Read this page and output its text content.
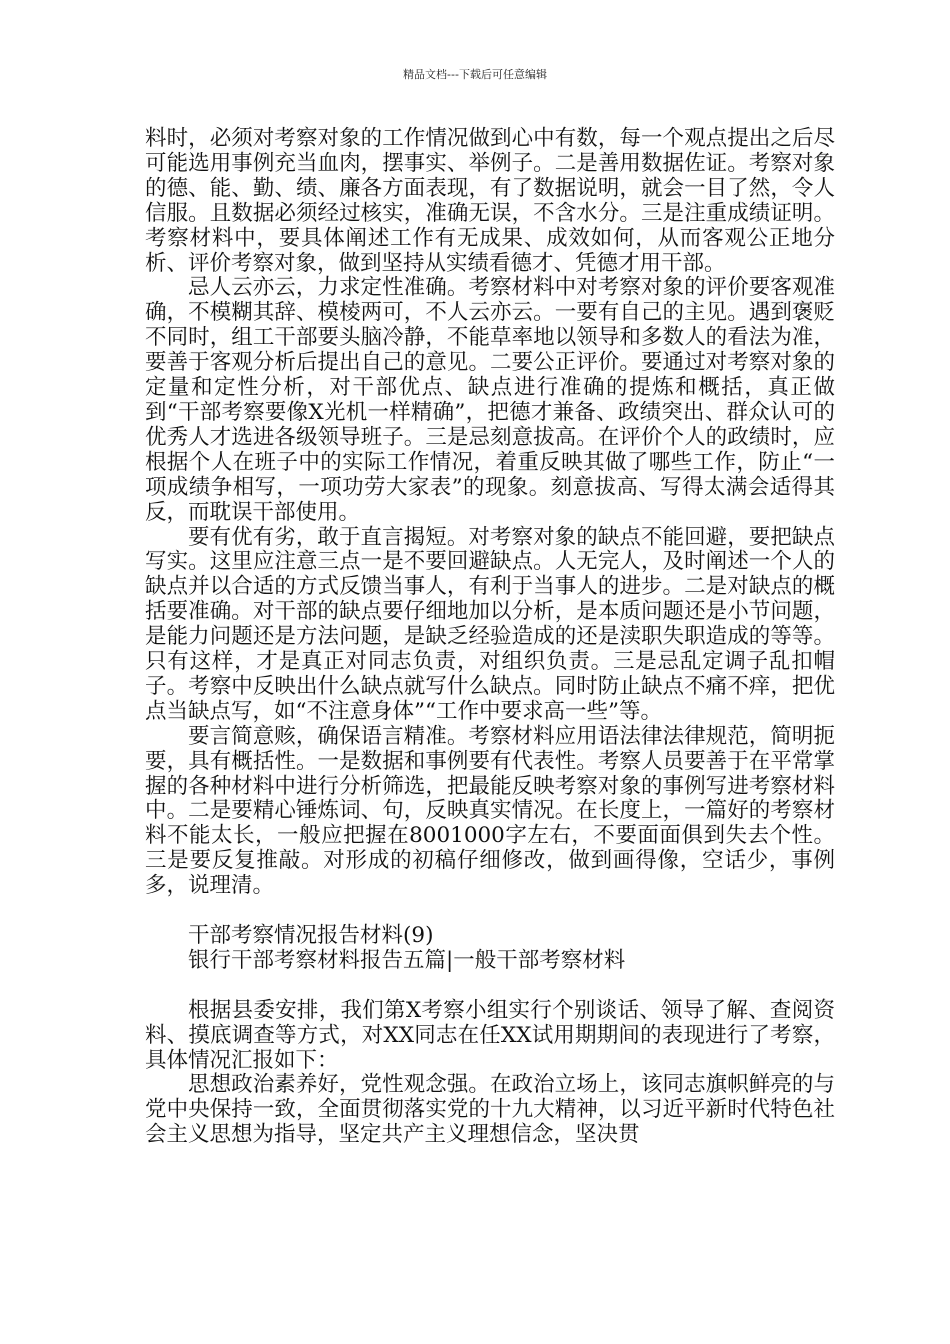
精品文档---下载后可任意编辑

料时，必须对考察对象的工作情况做到心中有数，每一个观点提出之后尽可能选用事例充当血肉，摆事实、举例子。二是善用数据佐证。考察对象的德、能、勤、绩、廉各方面表现，有了数据说明，就会一目了然，令人信服。且数据必须经过核实，准确无误，不含水分。三是注重成绩证明。考察材料中，要具体阐述工作有无成果、成效如何，从而客观公正地分析、评价考察对象，做到坚持从实绩看德才、凭德才用干部。

忌人云亦云，力求定性准确。考察材料中对考察对象的评价要客观准确，不模糊其辞、模棱两可，不人云亦云。一要有自己的主见。遇到褒贬不同时，组工干部要头脑冷静，不能草率地以领导和多数人的看法为准，要善于客观分析后提出自己的意见。二要公正评价。要通过对考察对象的定量和定性分析，对干部优点、缺点进行准确的提炼和概括，真正做到“干部考察要像X光机一样精确”，把德才兼备、政绩突出、群众认可的优秀人才选进各级领导班子。三是忌刻意拔高。在评价个人的政绩时，应根据个人在班子中的实际工作情况，着重反映其做了哪些工作，防止“一项成绩争相写，一项功劳大家表”的现象。刻意拔高、写得太满会适得其反，而耽误干部使用。

要有优有劣，敢于直言揭短。对考察对象的缺点不能回避，要把缺点写实。这里应注意三点一是不要回避缺点。人无完人，及时阐述一个人的缺点并以合适的方式反馈当事人，有利于当事人的进步。二是对缺点的概括要准确。对干部的缺点要仔细地加以分析，是本质问题还是小节问题，是能力问题还是方法问题，是缺乏经验造成的还是渎职失职造成的等等。只有这样，才是真正对同志负责，对组织负责。三是忌乱定调子乱扣帽子。考察中反映出什么缺点就写什么缺点。同时防止缺点不痛不痒，把优点当缺点写，如“不注意身体”“工作中要求高一些”等。

要言简意赅，确保语言精准。考察材料应用语法律法律规范，简明扼要，具有概括性。一是数据和事例要有代表性。考察人员要善于在平常掌握的各种材料中进行分析筛选，把最能反映考察对象的事例写进考察材料中。二是要精心锤炼词、句，反映真实情况。在长度上，一篇好的考察材料不能太长，一般应把握在8001000字左右，不要面面俱到失去个性。三是要反复推敲。对形成的初稿仔细修改，做到画得像，空话少，事例多，说理清。

干部考察情况报告材料(9)

银行干部考察材料报告五篇|一般干部考察材料

根据县委安排，我们第X考察小组实行个别谈话、领导了解、查阅资料、摸底调查等方式，对XX同志在任XX试用期期间的表现进行了考察，具体情况汇报如下：

思想政治素养好，党性观念强。在政治立场上，该同志旗帜鲜亮的与党中央保持一致，全面贯彻落实党的十九大精神，以习近平新时代特色社会主义思想为指导，坚定共产主义理想信念，坚决贯
